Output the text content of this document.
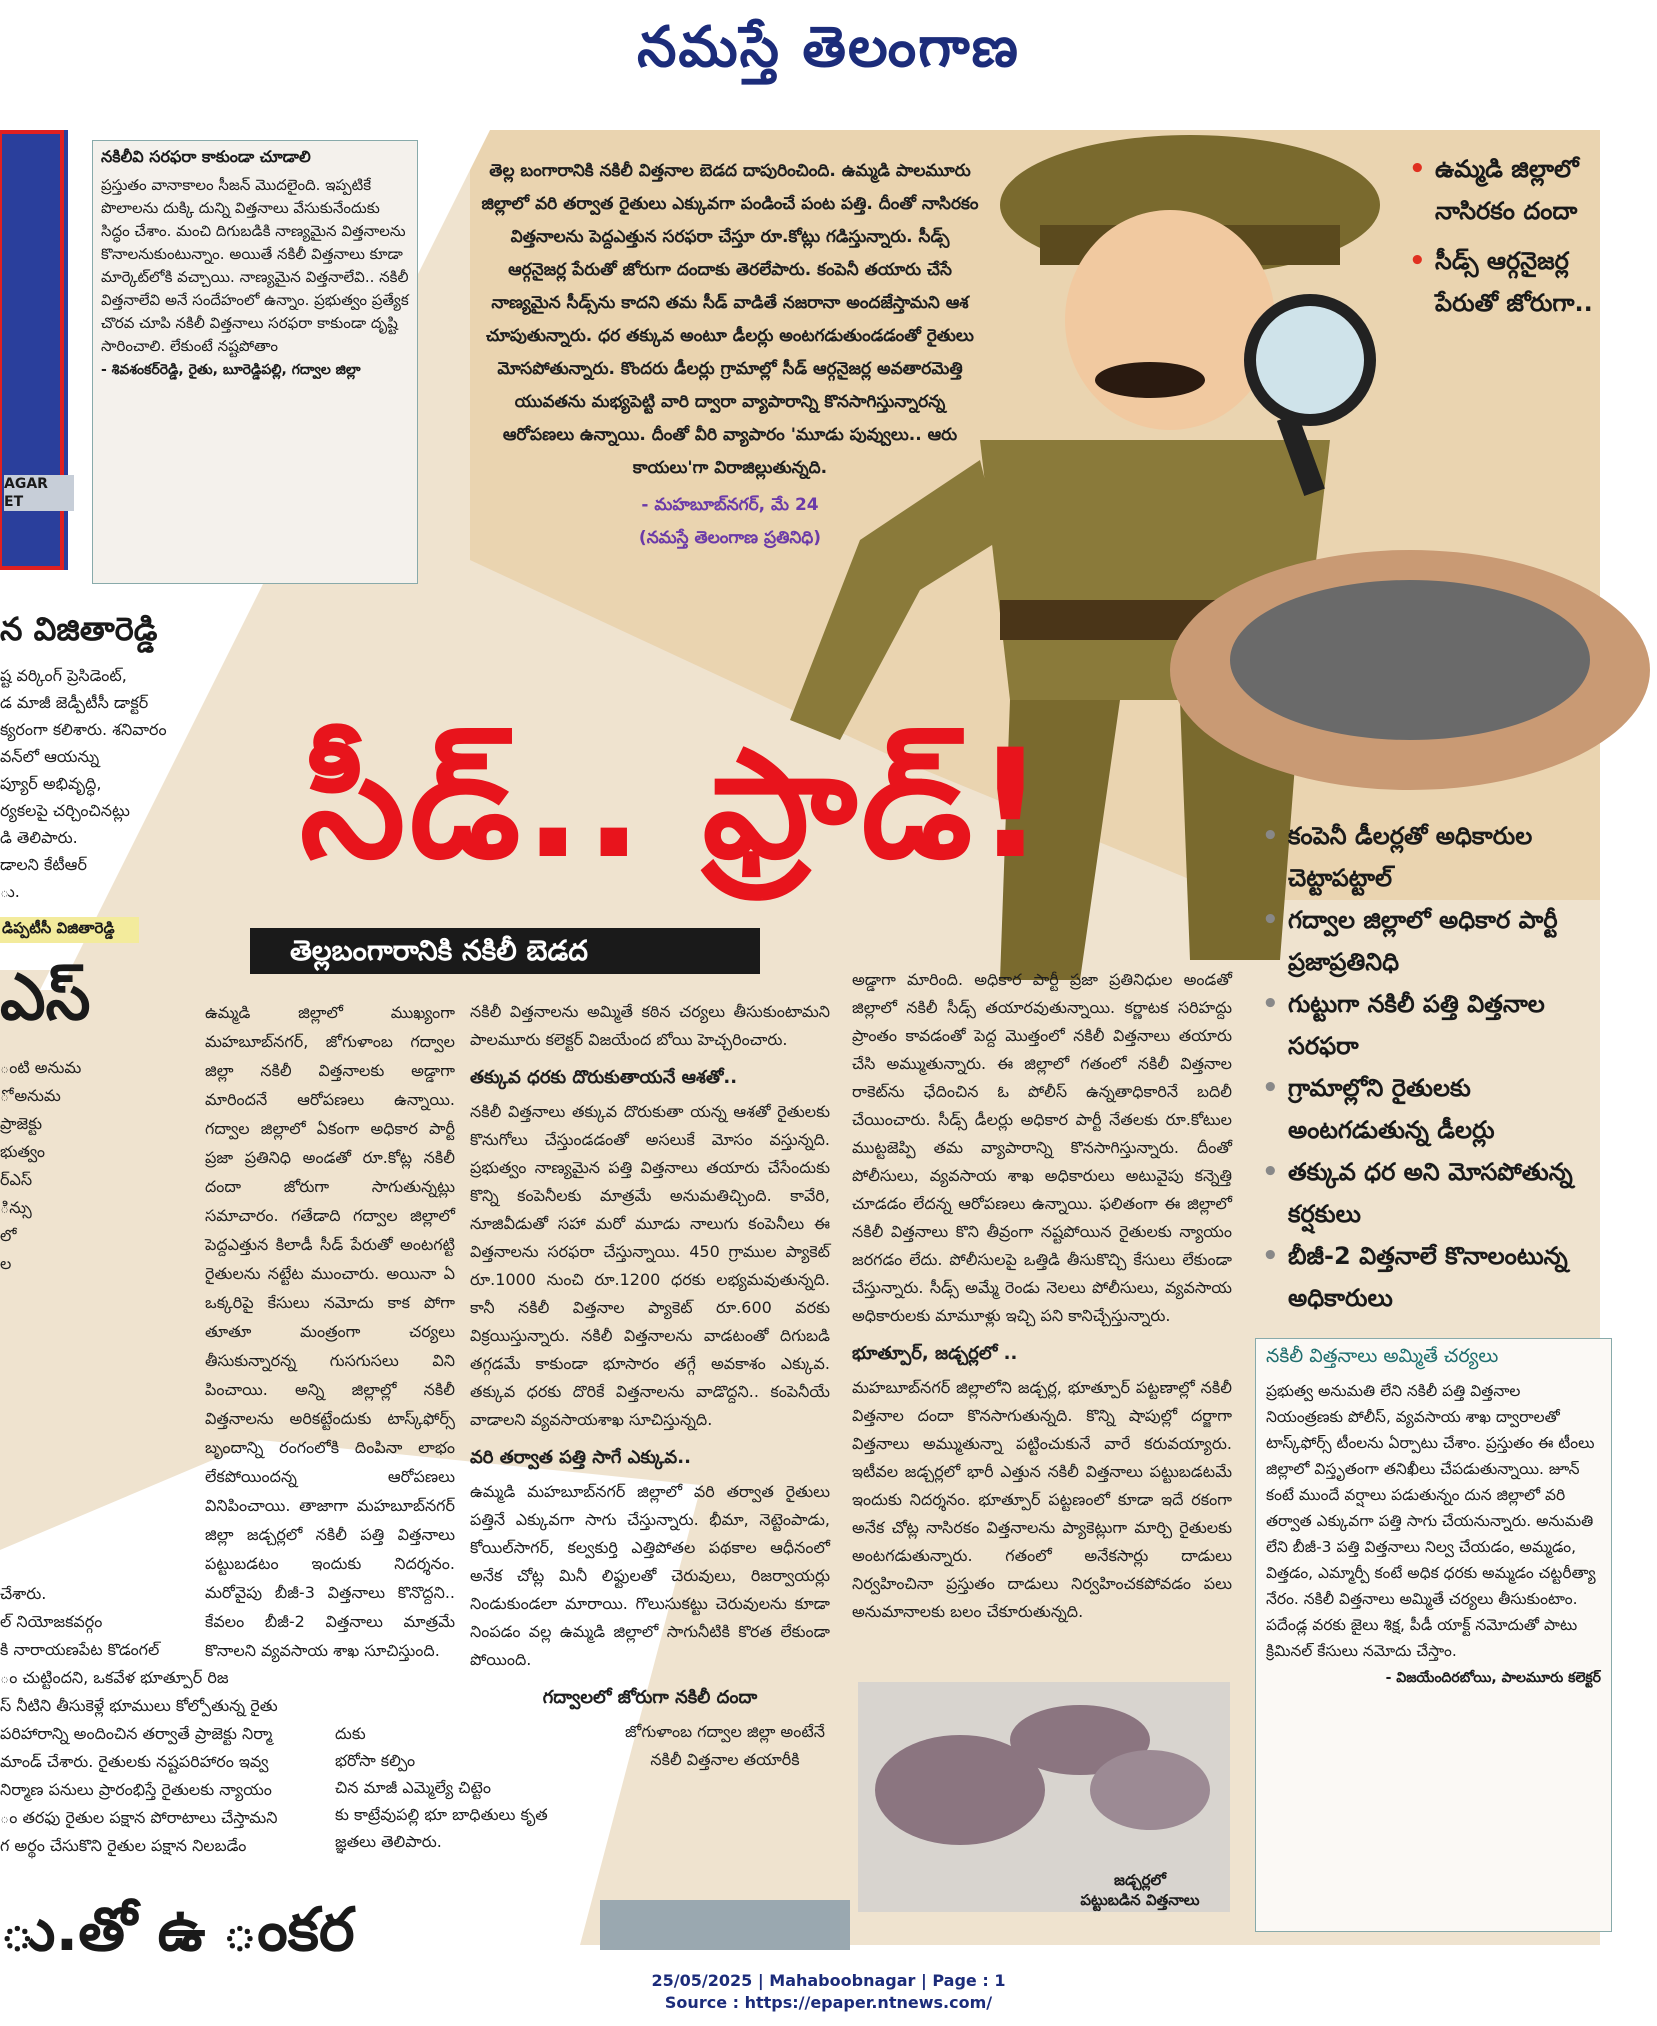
నమస్తే తెలంగాణ
AGAR
ET
నకిలీవి సరఫరా కాకుండా చూడాలి
ప్రస్తుతం వానాకాలం సీజన్ మొదలైంది. ఇప్పటికే పొలాలను దుక్కి దున్ని విత్తనాలు వేసుకునేందుకు సిద్ధం చేశాం. మంచి దిగుబడికి నాణ్యమైన విత్తనాలను కొనాలనుకుంటున్నాం. అయితే నకిలీ విత్తనాలు కూడా మార్కెట్‌లోకి వచ్చాయి. నాణ్యమైన విత్తనాలేవి.. నకిలీ విత్తనాలేవి అనే సందేహంలో ఉన్నాం. ప్రభుత్వం ప్రత్యేక చొరవ చూపి నకిలీ విత్తనాలు సరఫరా కాకుండా దృష్టి సారించాలి. లేకుంటే నష్టపోతాం
- శివశంకర్‌రెడ్డి, రైతు, బూరెడ్డిపల్లి, గద్వాల జిల్లా
న విజితారెడ్డి
ష్ట వర్కింగ్ ప్రెసిడెంట్,
డ మాజీ జెడ్పీటీసీ డాక్టర్
క్యరంగా కలిశారు. శనివారం
వన్‌లో ఆయన్ను
ప్యూర్ అభివృద్ధి,
ర్యకలపై చర్చించినట్లు
డి తెలిపారు.
డాలని కేటీఆర్
ు.
డిప్పటీసీ విజితారెడ్డి
ఎస్
ంటి అనుమ
ో అనుమ
ప్రాజెక్టు
భుత్వం
ర్‌ఎస్
ిన్సు
లో
ల
చేశారు.
ల్ నియోజకవర్గం
కి నారాయణపేట కొడంగల్
ం చుట్టిందని, ఒకవేళ భూత్పూర్ రిజ
స్ నీటిని తీసుకెళ్లే భూములు కోల్పోతున్న రైతు
పరిహారాన్ని అందించిన తర్వాతే ప్రాజెక్టు నిర్మా
మాండ్ చేశారు. రైతులకు నష్టపరిహారం ఇవ్వ
నిర్మాణ పనులు ప్రారంభిస్తే రైతులకు న్యాయం
ం తరఫు రైతుల పక్షాన పోరాటాలు చేస్తామని
గ అర్థం చేసుకొని రైతుల పక్షాన నిలబడేం

తెల్ల బంగారానికి నకిలీ విత్తనాల బెడద దాపురించింది. ఉమ్మడి పాలమూరు జిల్లాలో వరి తర్వాత రైతులు ఎక్కువగా పండించే పంట పత్తి. దీంతో నాసిరకం విత్తనాలను పెద్దఎత్తున సరఫరా చేస్తూ రూ.కోట్లు గడిస్తున్నారు. సీడ్స్ ఆర్గనైజర్ల పేరుతో జోరుగా దందాకు తెరలేపారు. కంపెనీ తయారు చేసే నాణ్యమైన సీడ్స్‌ను కాదని తమ సీడ్ వాడితే నజరానా అందజేస్తామని ఆశ చూపుతున్నారు. ధర తక్కువ అంటూ డీలర్లు అంటగడుతుండడంతో రైతులు మోసపోతున్నారు. కొందరు డీలర్లు గ్రామాల్లో సీడ్ ఆర్గనైజర్ల అవతారమెత్తి యువతను మభ్యపెట్టి వారి ద్వారా వ్యాపారాన్ని కొనసాగిస్తున్నారన్న ఆరోపణలు ఉన్నాయి. దీంతో వీరి వ్యాపారం 'మూడు పువ్వులు.. ఆరు కాయలు'గా విరాజిల్లుతున్నది.

- మహబూబ్‌నగర్, మే 24

(నమస్తే తెలంగాణ ప్రతినిధి)

• ఉమ్మడి జిల్లాలో నాసిరకం దందా
• సీడ్స్ ఆర్గనైజర్ల పేరుతో జోరుగా..
సీడ్.. ఫ్రాడ్!
తెల్లబంగారానికి నకిలీ బెడద

ఉమ్మడి జిల్లాలో ముఖ్యంగా మహబూబ్‌నగర్, జోగుళాంబ గద్వాల జిల్లా నకిలీ విత్తనాలకు అడ్డాగా మారిందనే ఆరోపణలు ఉన్నాయి. గద్వాల జిల్లాలో ఏకంగా అధికార పార్టీ ప్రజా ప్రతినిధి అండతో రూ.కోట్ల నకిలీ దందా జోరుగా సాగుతున్నట్లు సమాచారం. గతేడాది గద్వాల జిల్లాలో పెద్దఎత్తున కిలాడీ సీడ్ పేరుతో అంటగట్టి రైతులను నట్టేట ముంచారు. అయినా ఏ ఒక్కరిపై కేసులు నమోదు కాక పోగా తూతూ మంత్రంగా చర్యలు తీసుకున్నారన్న గుసగుసలు విని పించాయి. అన్ని జిల్లాల్లో నకిలీ విత్తనాలను అరికట్టేందుకు టాస్క్‌ఫోర్స్ బృందాన్ని రంగంలోకి దింపినా లాభం లేకపోయిందన్న ఆరోపణలు వినిపించాయి. తాజాగా మహబూబ్‌నగర్ జిల్లా జడ్చర్లలో నకిలీ పత్తి విత్తనాలు పట్టుబడటం ఇందుకు నిదర్శనం. మరోవైపు బీజీ-3 విత్తనాలు కొనొద్దని.. కేవలం బీజీ-2 విత్తనాలు మాత్రమే కొనాలని వ్యవసాయ శాఖ సూచిస్తుంది.

నకిలీ విత్తనాలను అమ్మితే కఠిన చర్యలు తీసుకుంటామని పాలమూరు కలెక్టర్ విజయేంద బోయి హెచ్చరించారు.

తక్కువ ధరకు దొరుకుతాయనే ఆశతో..

నకిలీ విత్తనాలు తక్కువ దొరుకుతా యన్న ఆశతో రైతులకు కొనుగోలు చేస్తుండడంతో అసలుకే మోసం వస్తున్నది. ప్రభుత్వం నాణ్యమైన పత్తి విత్తనాలు తయారు చేసేందుకు కొన్ని కంపెనీలకు మాత్రమే అనుమతిచ్చింది. కావేరి, నూజివీడుతో సహా మరో మూడు నాలుగు కంపెనీలు ఈ విత్తనాలను సరఫరా చేస్తున్నాయి. 450 గ్రాముల ప్యాకెట్ రూ.1000 నుంచి రూ.1200 ధరకు లభ్యమవుతున్నది. కానీ నకిలీ విత్తనాల ప్యాకెట్ రూ.600 వరకు విక్రయిస్తున్నారు. నకిలీ విత్తనాలను వాడటంతో దిగుబడి తగ్గడమే కాకుండా భూసారం తగ్గే అవకాశం ఎక్కువ. తక్కువ ధరకు దొరికే విత్తనాలను వాడొద్దని.. కంపెనీయే వాడాలని వ్యవసాయశాఖ సూచిస్తున్నది.

వరి తర్వాత పత్తి సాగే ఎక్కువ..

ఉమ్మడి మహబూబ్‌నగర్ జిల్లాలో వరి తర్వాత రైతులు పత్తినే ఎక్కువగా సాగు చేస్తున్నారు. భీమా, నెట్టెంపాడు, కోయిల్‌సాగర్, కల్వకుర్తి ఎత్తిపోతల పథకాల ఆధీనంలో అనేక చోట్ల మినీ లిఫ్టులతో చెరువులు, రిజర్వాయర్లు నిండుకుండలా మారాయి. గొలుసుకట్టు చెరువులను కూడా నింపడం వల్ల ఉమ్మడి జిల్లాలో సాగునీటికి కొరత లేకుండా పోయింది.

గద్వాలలో జోరుగా నకిలీ దందా

జోగుళాంబ గద్వాల జిల్లా అంటేనే నకిలీ విత్తనాల తయారీకి

దుకు
భరోసా కల్పిం
చిన మాజీ ఎమ్మెల్యే చిట్టెం
కు కాట్రేవుపల్లి భూ బాధితులు కృత
జ్ఞతలు తెలిపారు.

అడ్డాగా మారింది. అధికార పార్టీ ప్రజా ప్రతినిధుల అండతో జిల్లాలో నకిలీ సీడ్స్ తయారవుతున్నాయి. కర్ణాటక సరిహద్దు ప్రాంతం కావడంతో పెద్ద మొత్తంలో నకిలీ విత్తనాలు తయారు చేసి అమ్ముతున్నారు. ఈ జిల్లాలో గతంలో నకిలీ విత్తనాల రాకెట్‌ను ఛేదించిన ఓ పోలీస్ ఉన్నతాధికారినే బదిలీ చేయించారు. సీడ్స్ డీలర్లు అధికార పార్టీ నేతలకు రూ.కోటుల ముట్టజెప్పి తమ వ్యాపారాన్ని కొనసాగిస్తున్నారు. దీంతో పోలీసులు, వ్యవసాయ శాఖ అధికారులు అటువైపు కన్నెత్తి చూడడం లేదన్న ఆరోపణలు ఉన్నాయి. ఫలితంగా ఈ జిల్లాలో నకిలీ విత్తనాలు కొని తీవ్రంగా నష్టపోయిన రైతులకు న్యాయం జరగడం లేదు. పోలీసులపై ఒత్తిడి తీసుకొచ్చి కేసులు లేకుండా చేస్తున్నారు. సీడ్స్ అమ్మే రెండు నెలలు పోలీసులు, వ్యవసాయ అధికారులకు మామూళ్లు ఇచ్చి పని కానిచ్చేస్తున్నారు.

భూత్పూర్, జడ్చర్లలో ..

మహబూబ్‌నగర్ జిల్లాలోని జడ్చర్ల, భూత్పూర్ పట్టణాల్లో నకిలీ విత్తనాల దందా కొనసాగుతున్నది. కొన్ని షాపుల్లో దర్జాగా విత్తనాలు అమ్ముతున్నా పట్టించుకునే వారే కరువయ్యారు. ఇటీవల జడ్చర్లలో భారీ ఎత్తున నకిలీ విత్తనాలు పట్టుబడటమే ఇందుకు నిదర్శనం. భూత్పూర్ పట్టణంలో కూడా ఇదే రకంగా అనేక చోట్ల నాసిరకం విత్తనాలను ప్యాకెట్లుగా మార్చి రైతులకు అంటగడుతున్నారు. గతంలో అనేకసార్లు దాడులు నిర్వహించినా ప్రస్తుతం దాడులు నిర్వహించకపోవడం పలు అనుమానాలకు బలం చేకూరుతున్నది.

జడ్చర్లలో
పట్టుబడిన విత్తనాలు
• కంపెనీ డీలర్లతో అధికారుల చెట్టాపట్టాల్
• గద్వాల జిల్లాలో అధికార పార్టీ ప్రజాప్రతినిధి
• గుట్టుగా నకిలీ పత్తి విత్తనాల సరఫరా
• గ్రామాల్లోని రైతులకు అంటగడుతున్న డీలర్లు
• తక్కువ ధర అని మోసపోతున్న కర్షకులు
• బీజీ-2 విత్తనాలే కొనాలంటున్న అధికారులు
నకిలీ విత్తనాలు అమ్మితే చర్యలు
ప్రభుత్వ అనుమతి లేని నకిలీ పత్తి విత్తనాల నియంత్రణకు పోలీస్, వ్యవసాయ శాఖ ద్వారాలతో టాస్క్‌ఫోర్స్ టీంలను ఏర్పాటు చేశాం. ప్రస్తుతం ఈ టీంలు జిల్లాలో విస్తృతంగా తనిఖీలు చేపడుతున్నాయి. జూన్ కంటే ముందే వర్షాలు పడుతున్నం దున జిల్లాలో వరి తర్వాత ఎక్కువగా పత్తి సాగు చేయనున్నారు. అనుమతి లేని బీజీ-3 పత్తి విత్తనాలు నిల్వ చేయడం, అమ్మడం, విత్తడం, ఎమ్మార్పీ కంటే అధిక ధరకు అమ్మడం చట్టరీత్యా నేరం. నకిలీ విత్తనాలు అమ్మితే చర్యలు తీసుకుంటాం. పదేండ్ల వరకు జైలు శిక్ష, పీడీ యాక్ట్ నమోదుతో పాటు క్రిమినల్ కేసులు నమోదు చేస్తాం.
- విజయేందిరబోయి, పాలమూరు కలెక్టర్
ు.తో ఉ ంకర
25/05/2025 | Mahaboobnagar | Page : 1
Source : https://epaper.ntnews.com/
